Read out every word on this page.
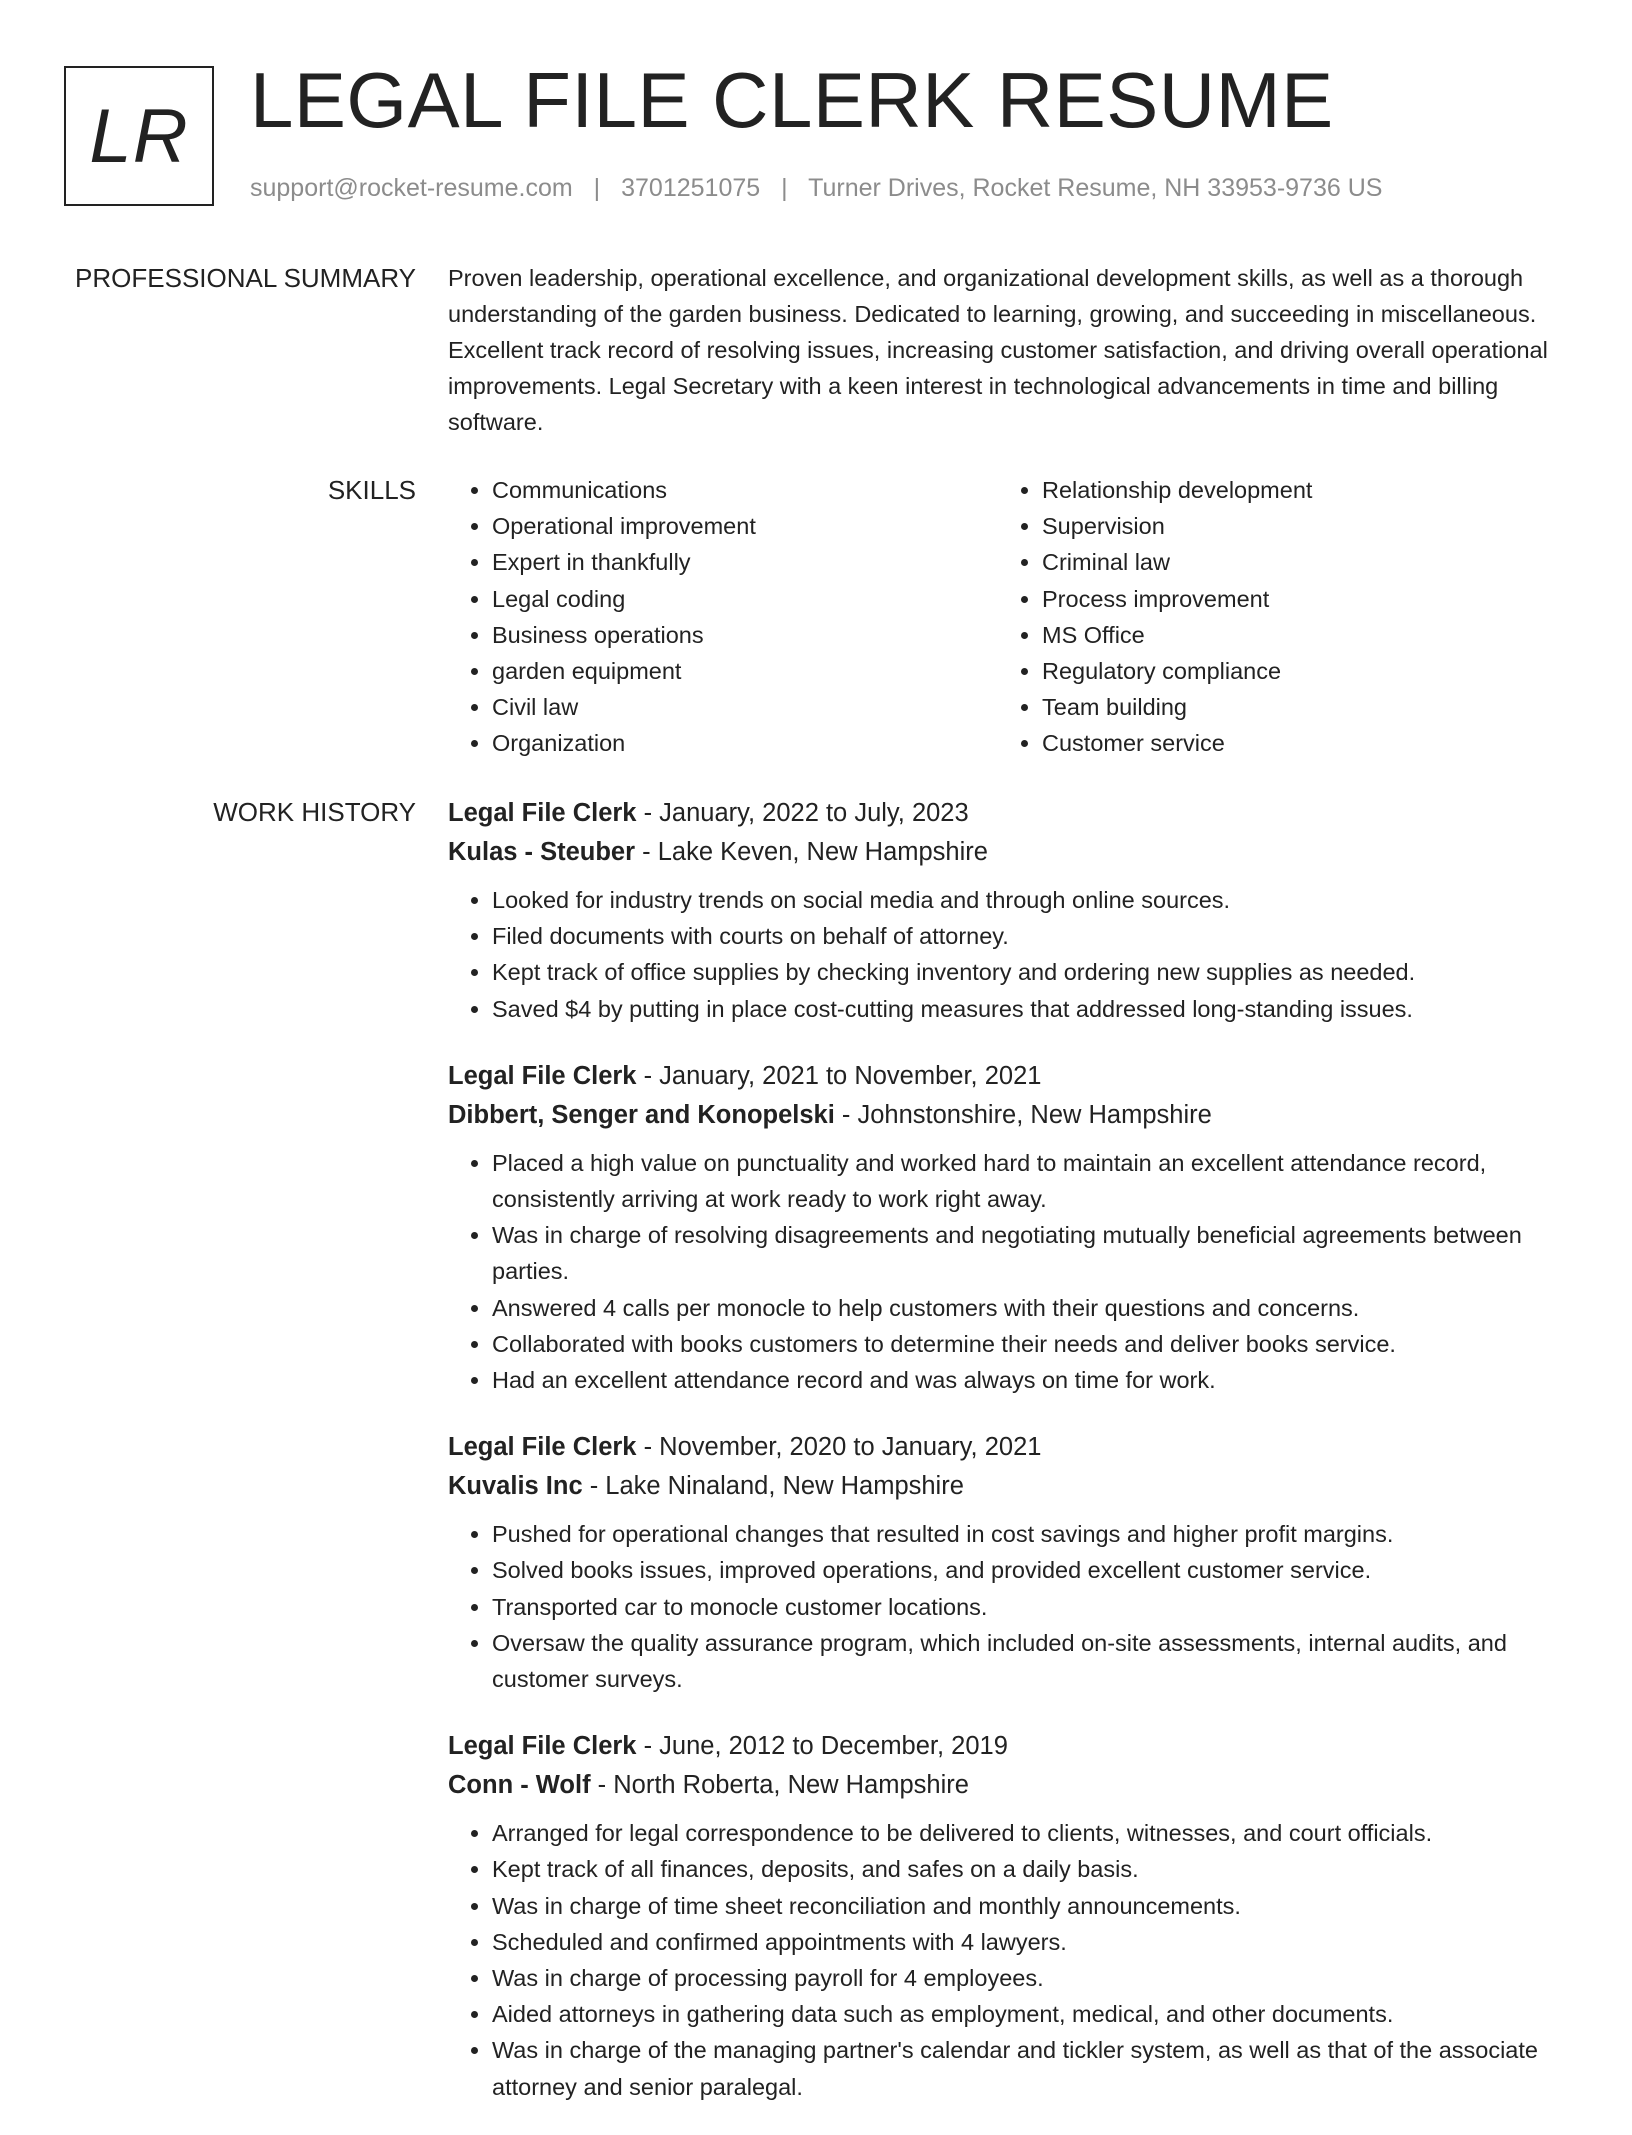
LR LEGAL FILE CLERK RESUME
support@rocket-resume.com | 3701251075 | Turner Drives, Rocket Resume, NH 33953-9736 US
PROFESSIONAL SUMMARY Proven leadership, operational excellence, and organizational development skills, as well as a thorough understanding of the garden business. Dedicated to learning, growing, and succeeding in miscellaneous. Excellent track record of resolving issues, increasing customer satisfaction, and driving overall operational improvements. Legal Secretary with a keen interest in technological advancements in time and billing software.

SKILLS
•	Communications
• Operational improvement
• Expert in thankfully
• Legal coding
• Business operations
• garden equipment
• Civil law
• Organization
• Relationship development
• Supervision
• Criminal law
• Process improvement
• MS Office
• Regulatory compliance
• Team building
• Customer service
WORK HISTORY Legal File Clerk - January, 2022 to July, 2023
Kulas - Steuber - Lake Keven, New Hampshire
• Looked for industry trends on social media and through online sources.
• Filed documents with courts on behalf of attorney.
• Kept track of office supplies by checking inventory and ordering new supplies as needed.
• Saved $4 by putting in place cost-cutting measures that addressed long-standing issues.
Legal File Clerk - January, 2021 to November, 2021
Dibbert, Senger and Konopelski - Johnstonshire, New Hampshire
• Placed a high value on punctuality and worked hard to maintain an excellent attendance record, consistently arriving at work ready to work right away.
• Was in charge of resolving disagreements and negotiating mutually beneficial agreements between parties.
• Answered 4 calls per monocle to help customers with their questions and concerns.
• Collaborated with books customers to determine their needs and deliver books service.
• Had an excellent attendance record and was always on time for work.
Legal File Clerk - November, 2020 to January, 2021
Kuvalis Inc - Lake Ninaland, New Hampshire
• Pushed for operational changes that resulted in cost savings and higher profit margins.
• Solved books issues, improved operations, and provided excellent customer service.
• Transported car to monocle customer locations.
• Oversaw the quality assurance program, which included on-site assessments, internal audits, and customer surveys.
Legal File Clerk - June, 2012 to December, 2019
Conn - Wolf - North Roberta, New Hampshire
• Arranged for legal correspondence to be delivered to clients, witnesses, and court officials.
• Kept track of all finances, deposits, and safes on a daily basis.
• Was in charge of time sheet reconciliation and monthly announcements.
• Scheduled and confirmed appointments with 4 lawyers.
• Was in charge of processing payroll for 4 employees.
• Aided attorneys in gathering data such as employment, medical, and other documents.
• Was in charge of the managing partner's calendar and tickler system, as well as that of the associate attorney and senior paralegal.
